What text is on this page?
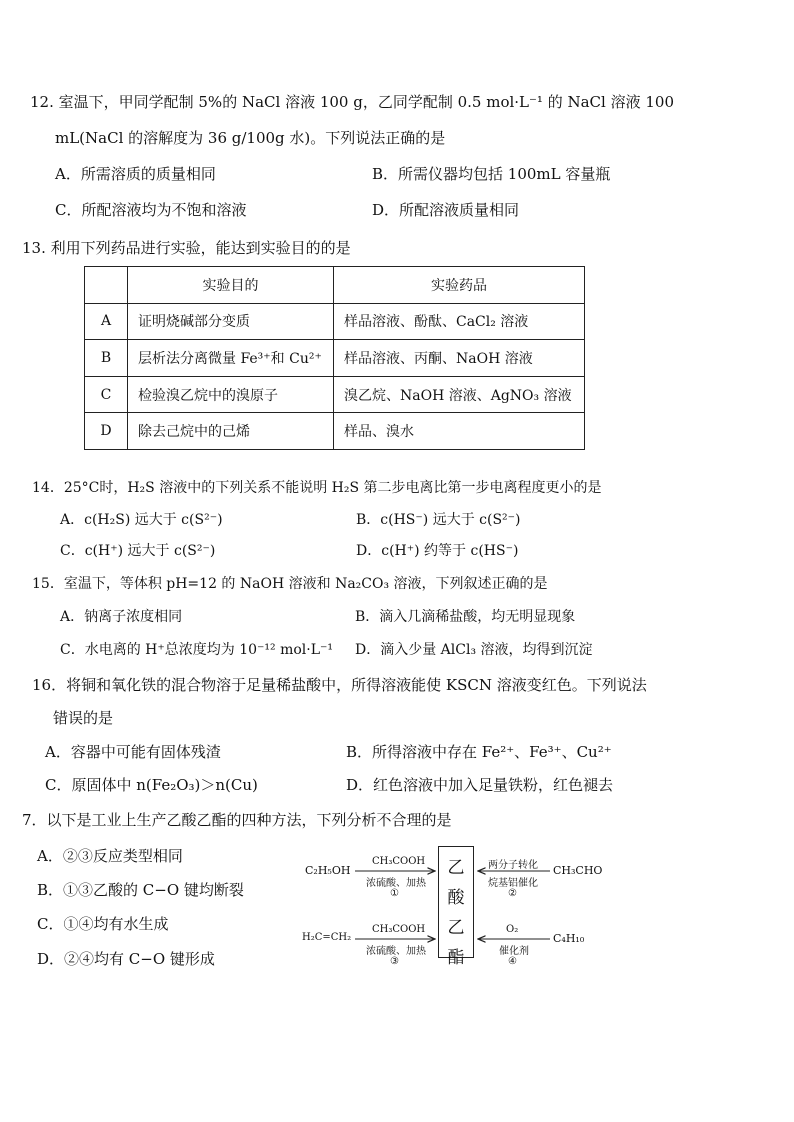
12. 室温下，甲同学配制 5%的 NaCl 溶液 100 g，乙同学配制 0.5 mol·L⁻¹ 的 NaCl 溶液 100
mL(NaCl 的溶解度为 36 g/100g 水)。下列说法正确的是
A．所需溶质的质量相同	B．所需仪器均包括 100mL 容量瓶
C．所配溶液均为不饱和溶液	D．所配溶液质量相同
13. 利用下列药品进行实验，能达到实验目的的是
	实验目的	实验药品
A	证明烧碱部分变质	样品溶液、酚酞、CaCl₂ 溶液
B	层析法分离微量 Fe³⁺和 Cu²⁺	样品溶液、丙酮、NaOH 溶液
C	检验溴乙烷中的溴原子	溴乙烷、NaOH 溶液、AgNO₃ 溶液
D	除去己烷中的己烯	样品、溴水
14．25°C时，H₂S 溶液中的下列关系不能说明 H₂S 第二步电离比第一步电离程度更小的是
A．c(H₂S) 远大于 c(S²⁻)	B．c(HS⁻) 远大于 c(S²⁻)
C．c(H⁺) 远大于 c(S²⁻)	D．c(H⁺) 约等于 c(HS⁻)
15．室温下，等体积 pH=12 的 NaOH 溶液和 Na₂CO₃ 溶液，下列叙述正确的是
A．钠离子浓度相同	B．滴入几滴稀盐酸，均无明显现象
C．水电离的 H⁺总浓度均为 10⁻¹² mol·L⁻¹ D．滴入少量 AlCl₃ 溶液，均得到沉淀
16．将铜和氧化铁的混合物溶于足量稀盐酸中，所得溶液能使 KSCN 溶液变红色。下列说法
错误的是
A．容器中可能有固体残渣	B．所得溶液中存在 Fe²⁺、Fe³⁺、Cu²⁺
C．原固体中 n(Fe₂O₃)＞n(Cu)	D．红色溶液中加入足量铁粉，红色褪去
7．以下是工业上生产乙酸乙酯的四种方法，下列分析不合理的是
A．②③反应类型相同
B．①③乙酸的 C−O 键均断裂
C．①④均有水生成
D．②④均有 C−O 键形成
乙
酸
乙
酯
C₂H₅OH
CH₃COOH
浓硫酸、加热
①
CH₃CHO
两分子转化
烷基铝催化
②
H₂C=CH₂
CH₃COOH
浓硫酸、加热
③
C₄H₁₀
O₂
催化剂
④
